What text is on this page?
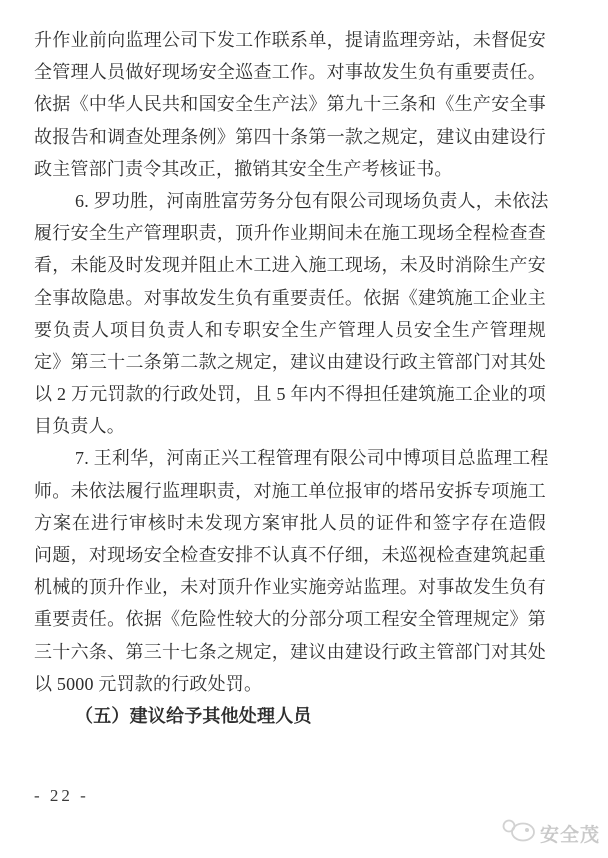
升作业前向监理公司下发工作联系单，提请监理旁站，未督促安
全管理人员做好现场安全巡查工作。对事故发生负有重要责任。
依据《中华人民共和国安全生产法》第九十三条和《生产安全事
故报告和调查处理条例》第四十条第一款之规定，建议由建设行
政主管部门责令其改正，撤销其安全生产考核证书。
6. 罗功胜，河南胜富劳务分包有限公司现场负责人，未依法
履行安全生产管理职责，顶升作业期间未在施工现场全程检查查
看，未能及时发现并阻止木工进入施工现场，未及时消除生产安
全事故隐患。对事故发生负有重要责任。依据《建筑施工企业主
要负责人项目负责人和专职安全生产管理人员安全生产管理规
定》第三十二条第二款之规定，建议由建设行政主管部门对其处
以 2 万元罚款的行政处罚，且 5 年内不得担任建筑施工企业的项
目负责人。
7. 王利华，河南正兴工程管理有限公司中博项目总监理工程
师。未依法履行监理职责，对施工单位报审的塔吊安拆专项施工
方案在进行审核时未发现方案审批人员的证件和签字存在造假
问题，对现场安全检查安排不认真不仔细，未巡视检查建筑起重
机械的顶升作业，未对顶升作业实施旁站监理。对事故发生负有
重要责任。依据《危险性较大的分部分项工程安全管理规定》第
三十六条、第三十七条之规定，建议由建设行政主管部门对其处
以 5000 元罚款的行政处罚。
（五）建议给予其他处理人员
- 22 -
安全茂
